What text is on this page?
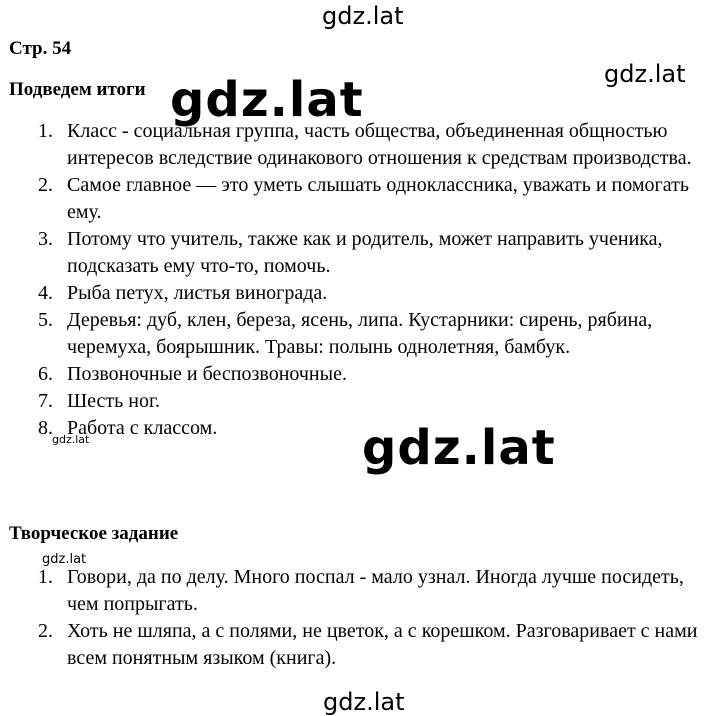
gdz.lat
Стр. 54
gdz.lat
Подведем итоги
1. Класс - социальная группа, часть общества, объединенная общностью интересов вследствие одинакового отношения к средствам производства.
2. Самое главное — это уметь слышать одноклассника, уважать и помогать ему.
3. Потому что учитель, также как и родитель, может направить ученика, подсказать ему что-то, помочь.
4. Рыба петух, листья винограда.
5. Деревья: дуб, клен, береза, ясень, липа. Кустарники: сирень, рябина, черемуха, боярышник. Травы: полынь однолетняя, бамбук.
6. Позвоночные и беспозвоночные.
7. Шесть ног.
8. Работа с классом.
Творческое задание
1. Говори, да по делу. Много поспал - мало узнал. Иногда лучше посидеть, чем попрыгать.
2. Хоть не шляпа, а с полями, не цветок, а с корешком. Разговаривает с нами всем понятным языком (книга).
gdz.lat
gdz.lat
gdz.lat
gdz.lat
gdz.lat
